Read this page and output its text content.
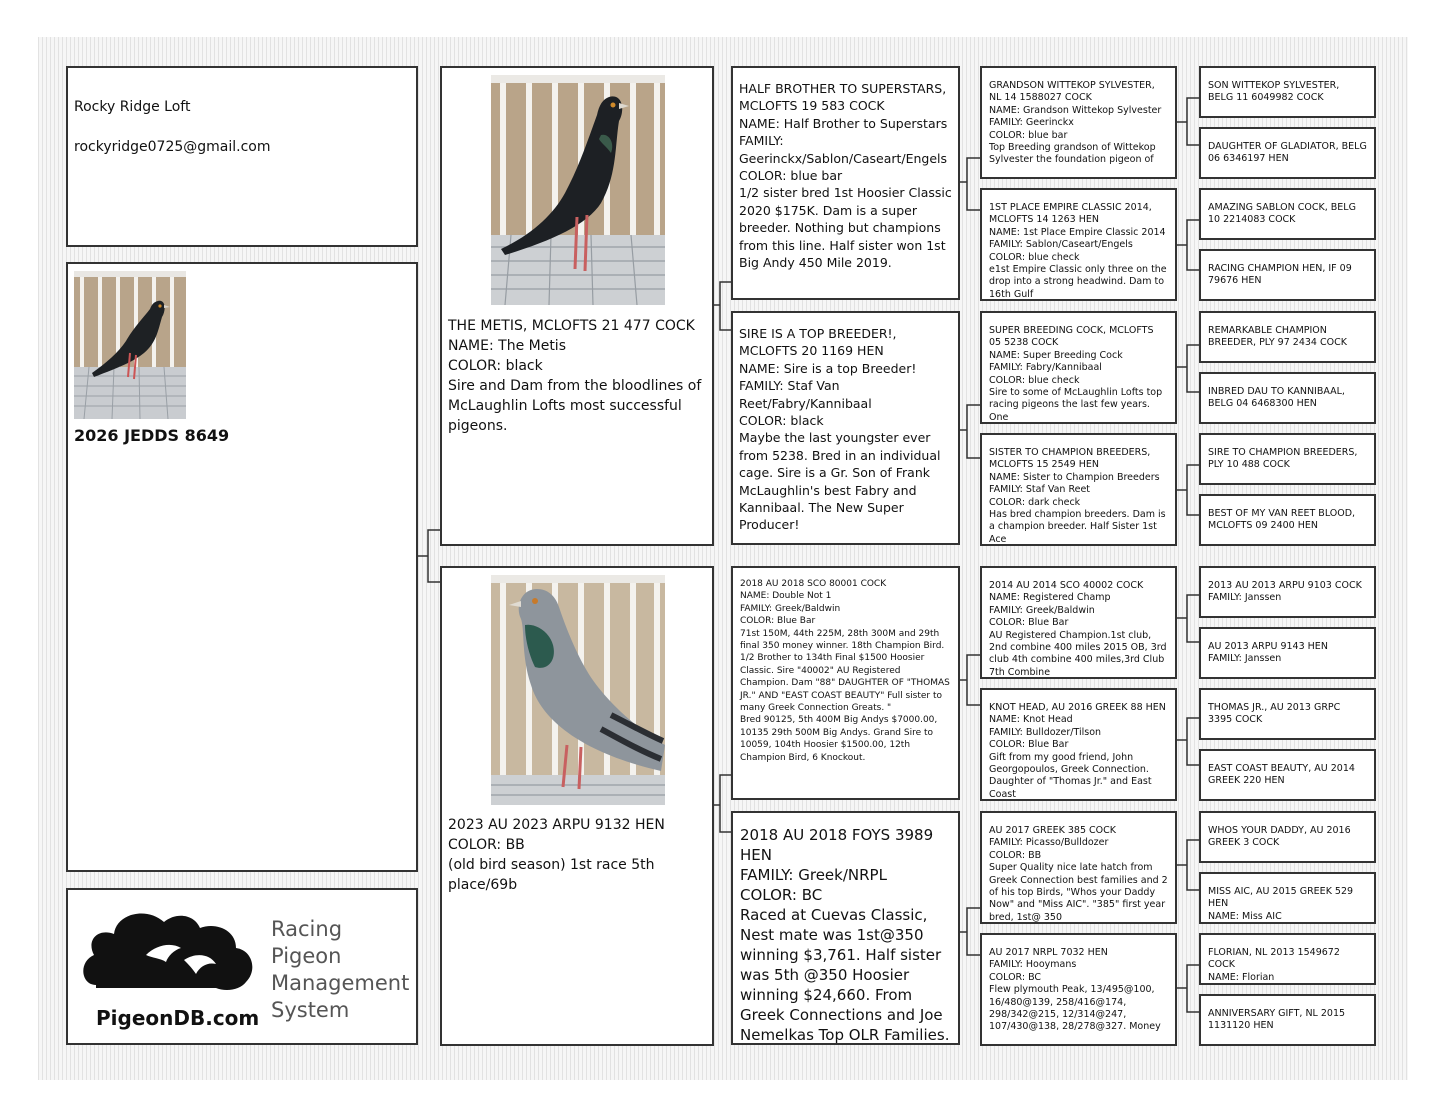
Rocky Ridge Loft

rockyridge0725@gmail.com

2026 JEDDS 8649
Racing Pigeon
Management
System
PigeonDB.com
THE METIS, MCLOFTS 21 477 COCK
NAME: The Metis
COLOR: black
Sire and Dam from the bloodlines of McLaughlin Lofts most successful pigeons.
2023 AU 2023 ARPU 9132 HEN
COLOR: BB
(old bird season) 1st race 5th place/69b
HALF BROTHER TO SUPERSTARS, MCLOFTS 19 583 COCK
NAME: Half Brother to Superstars
FAMILY: Geerinckx/Sablon/Caseart/Engels
COLOR: blue bar
1/2 sister bred 1st Hoosier Classic 2020 $175K. Dam is a super breeder. Nothing but champions from this line. Half sister won 1st Big Andy 450 Mile 2019.
SIRE IS A TOP BREEDER!, MCLOFTS 20 1169 HEN
NAME: Sire is a top Breeder!
FAMILY: Staf Van Reet/Fabry/Kannibaal
COLOR: black
Maybe the last youngster ever from 5238. Bred in an individual cage. Sire is a Gr. Son of Frank McLaughlin's best Fabry and Kannibaal. The New Super Producer!
2018 AU 2018 SCO 80001 COCK
NAME: Double Not 1
FAMILY: Greek/Baldwin
COLOR: Blue Bar
71st 150M, 44th 225M, 28th 300M and 29th final 350 money winner. 18th Champion Bird. 1/2 Brother to 134th Final $1500 Hoosier Classic. Sire "40002" AU Registered Champion. Dam "88" DAUGHTER OF "THOMAS JR." AND "EAST COAST BEAUTY" Full sister to many Greek Connection Greats. "
Bred 90125, 5th 400M Big Andys $7000.00, 10135 29th 500M Big Andys. Grand Sire to 10059, 104th Hoosier $1500.00, 12th Champion Bird, 6 Knockout.
2018 AU 2018 FOYS 3989 HEN
FAMILY: Greek/NRPL
COLOR: BC
Raced at Cuevas Classic, Nest mate was 1st@350 winning $3,761. Half sister was 5th @350 Hoosier winning $24,660. From Greek Connections and Joe Nemelkas Top OLR Families.
GRANDSON WITTEKOP SYLVESTER, NL 14 1588027 COCK
NAME: Grandson Wittekop Sylvester
FAMILY: Geerinckx
COLOR: blue bar
Top Breeding grandson of Wittekop Sylvester the foundation pigeon of
1ST PLACE EMPIRE CLASSIC 2014, MCLOFTS 14 1263 HEN
NAME: 1st Place Empire Classic 2014
FAMILY: Sablon/Caseart/Engels
COLOR: blue check
e1st Empire Classic only three on the drop into a strong headwind. Dam to 16th Gulf
SUPER BREEDING COCK, MCLOFTS 05 5238 COCK
NAME: Super Breeding Cock
FAMILY: Fabry/Kannibaal
COLOR: blue check
Sire to some of McLaughlin Lofts top racing pigeons the last few years. One
SISTER TO CHAMPION BREEDERS, MCLOFTS 15 2549 HEN
NAME: Sister to Champion Breeders
FAMILY: Staf Van Reet
COLOR: dark check
Has bred champion breeders. Dam is a champion breeder. Half Sister 1st Ace
2014 AU 2014 SCO 40002 COCK
NAME: Registered Champ
FAMILY: Greek/Baldwin
COLOR: Blue Bar
AU Registered Champion.1st club, 2nd combine 400 miles 2015 OB, 3rd club 4th combine 400 miles,3rd Club 7th Combine
KNOT HEAD, AU 2016 GREEK 88 HEN
NAME: Knot Head
FAMILY: Bulldozer/Tilson
COLOR: Blue Bar
Gift from my good friend, John Georgopoulos, Greek Connection. Daughter of "Thomas Jr." and East Coast
AU 2017 GREEK 385 COCK
FAMILY: Picasso/Bulldozer
COLOR: BB
Super Quality nice late hatch from Greek Connection best families and 2 of his top Birds, "Whos your Daddy Now" and "Miss AIC". "385" first year bred, 1st@ 350
AU 2017 NRPL 7032 HEN
FAMILY: Hooymans
COLOR: BC
Flew plymouth Peak, 13/495@100, 16/480@139, 258/416@174, 298/342@215, 12/314@247, 107/430@138, 28/278@327. Money
SON WITTEKOP SYLVESTER, BELG 11 6049982 COCK
DAUGHTER OF GLADIATOR, BELG 06 6346197 HEN
AMAZING SABLON COCK, BELG 10 2214083 COCK
RACING CHAMPION HEN, IF 09 79676 HEN
REMARKABLE CHAMPION BREEDER, PLY 97 2434 COCK
INBRED DAU TO KANNIBAAL, BELG 04 6468300 HEN
SIRE TO CHAMPION BREEDERS, PLY 10 488 COCK
BEST OF MY VAN REET BLOOD, MCLOFTS 09 2400 HEN
2013 AU 2013 ARPU 9103 COCK
FAMILY: Janssen
AU 2013 ARPU 9143 HEN
FAMILY: Janssen
THOMAS JR., AU 2013 GRPC 3395 COCK
EAST COAST BEAUTY, AU 2014 GREEK 220 HEN
WHOS YOUR DADDY, AU 2016 GREEK 3 COCK
MISS AIC, AU 2015 GREEK 529 HEN
NAME: Miss AIC
FLORIAN, NL 2013 1549672 COCK
NAME: Florian
ANNIVERSARY GIFT, NL 2015 1131120 HEN
